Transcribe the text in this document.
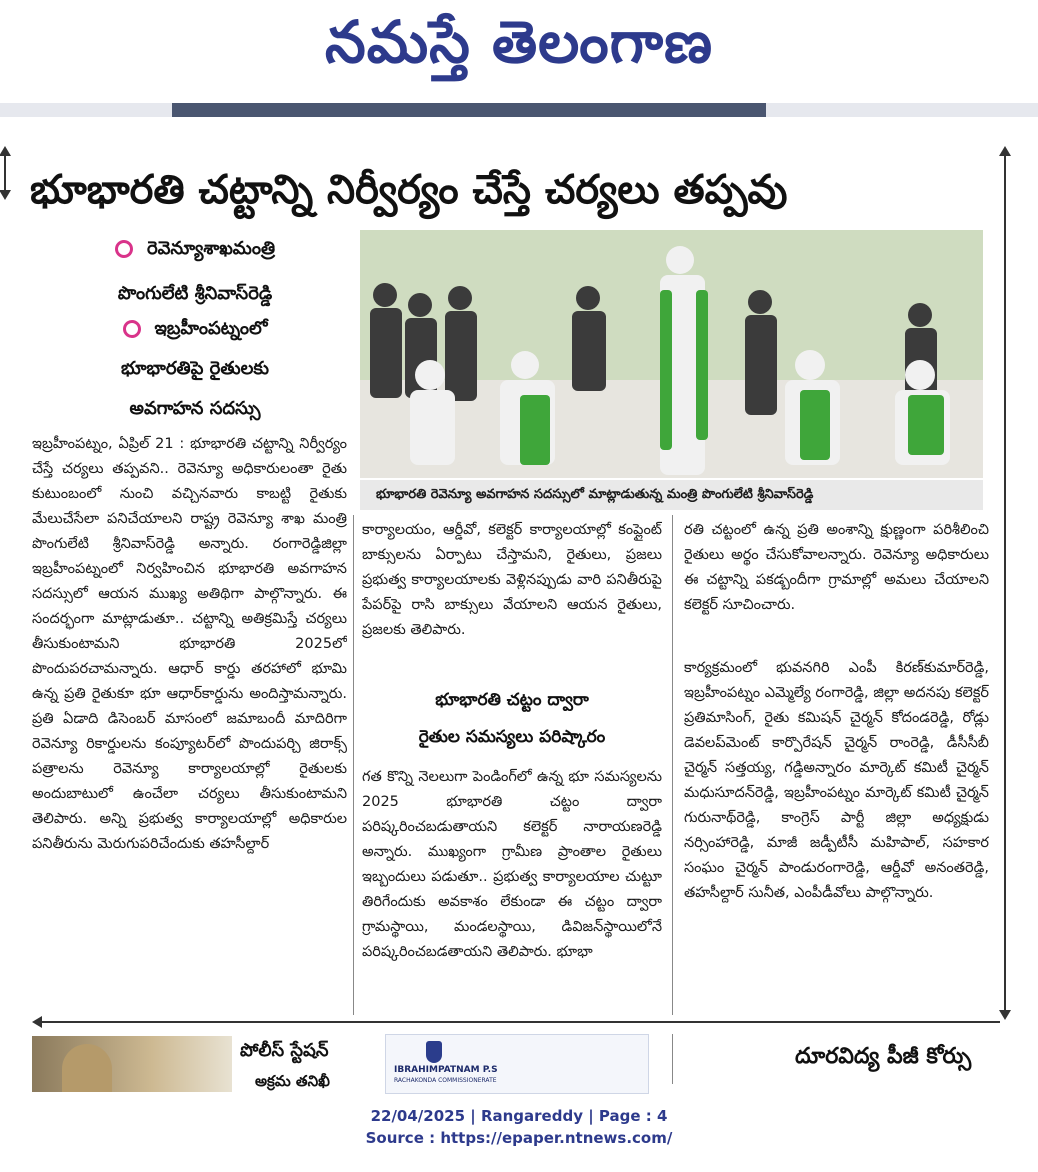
నమస్తే తెలంగాణ
భూభారతి చట్టాన్ని నిర్వీర్యం చేస్తే చర్యలు తప్పవు
రెవెన్యూశాఖమంత్రి
పొంగులేటి శ్రీనివాస్‌రెడ్డి
ఇబ్రహీంపట్నంలో
భూభారతిపై రైతులకు
అవగాహన సదస్సు
భూభారతి రెవెన్యూ అవగాహన సదస్సులో మాట్లాడుతున్న మంత్రి పొంగులేటి శ్రీనివాస్‌రెడ్డి

ఇబ్రహీంపట్నం, ఏప్రిల్ 21 : భూభారతి చట్టాన్ని నిర్వీర్యం చేస్తే చర్యలు తప్పవని.. రెవెన్యూ అధికారులంతా రైతు కుటుంబంలో నుంచి వచ్చినవారు కాబట్టి రైతుకు మేలుచేసేలా పనిచేయాలని రాష్ట్ర రెవెన్యూ శాఖ మంత్రి పొంగులేటి శ్రీనివాస్‌రెడ్డి అన్నారు. రంగారెడ్డిజిల్లా ఇబ్రహీంపట్నంలో నిర్వహించిన భూభారతి అవగాహన సదస్సులో ఆయన ముఖ్య అతిథిగా పాల్గొన్నారు. ఈ సందర్భంగా మాట్లాడుతూ.. చట్టాన్ని అతిక్రమిస్తే చర్యలు తీసుకుంటామని భూభారతి 2025లో పొందుపరచామన్నారు. ఆధార్ కార్డు తరహాలో భూమి ఉన్న ప్రతి రైతుకూ భూ ఆధార్‌కార్డును అందిస్తామన్నారు. ప్రతి ఏడాది డిసెంబర్ మాసంలో జమాబందీ మాదిరిగా రెవెన్యూ రికార్డులను కంప్యూటర్‌లో పొందుపర్చి జిరాక్స్ పత్రాలను రెవెన్యూ కార్యాలయాల్లో రైతులకు అందుబాటులో ఉంచేలా చర్యలు తీసుకుంటామని తెలిపారు. అన్ని ప్రభుత్వ కార్యాలయాల్లో అధికారుల పనితీరును మెరుగుపరిచేందుకు తహసీల్దార్

కార్యాలయం, ఆర్డీవో, కలెక్టర్ కార్యాలయాల్లో కంప్లైంట్ బాక్సులను ఏర్పాటు చేస్తామని, రైతులు, ప్రజలు ప్రభుత్వ కార్యాలయాలకు వెళ్లినప్పుడు వారి పనితీరుపై పేపర్‌పై రాసి బాక్సులు వేయాలని ఆయన రైతులు, ప్రజలకు తెలిపారు.

భూభారతి చట్టం ద్వారా
రైతుల సమస్యలు పరిష్కారం

గత కొన్ని నెలలుగా పెండింగ్‌లో ఉన్న భూ సమస్యలను 2025 భూభారతి చట్టం ద్వారా పరిష్కరించబడుతాయని కలెక్టర్ నారాయణరెడ్డి అన్నారు. ముఖ్యంగా గ్రామీణ ప్రాంతాల రైతులు ఇబ్బందులు పడుతూ.. ప్రభుత్వ కార్యాలయాల చుట్టూ తిరిగేందుకు అవకాశం లేకుండా ఈ చట్టం ద్వారా గ్రామస్థాయి, మండలస్థాయి, డివిజన్‌స్థాయిలోనే పరిష్కరించబడతాయని తెలిపారు. భూభా

రతి చట్టంలో ఉన్న ప్రతి అంశాన్ని క్షుణ్ణంగా పరిశీలించి రైతులు అర్థం చేసుకోవాలన్నారు. రెవెన్యూ అధికారులు ఈ చట్టాన్ని పకడ్బందీగా గ్రామాల్లో అమలు చేయాలని కలెక్టర్ సూచించారు.

కార్యక్రమంలో భువనగిరి ఎంపీ కిరణ్‌కుమార్‌రెడ్డి, ఇబ్రహీంపట్నం ఎమ్మెల్యే రంగారెడ్డి, జిల్లా అదనపు కలెక్టర్ ప్రతిమాసింగ్, రైతు కమిషన్ చైర్మన్ కోదండరెడ్డి, రోడ్లు డెవలప్‌మెంట్ కార్పొరేషన్ చైర్మన్ రాంరెడ్డి, డీసీసీబీ చైర్మన్ సత్తయ్య, గడ్డిఅన్నారం మార్కెట్ కమిటీ చైర్మన్ మధుసూదన్‌రెడ్డి, ఇబ్రహీంపట్నం మార్కెట్ కమిటీ చైర్మన్ గురునాథ్‌రెడ్డి, కాంగ్రెస్ పార్టీ జిల్లా అధ్యక్షుడు నర్సింహారెడ్డి, మాజీ జడ్పీటీసీ మహిపాల్, సహకార సంఘం చైర్మన్ పాండురంగారెడ్డి, ఆర్డీవో అనంతరెడ్డి, తహసీల్దార్ సునీత, ఎంపీడీవోలు పాల్గొన్నారు.

పోలీస్ స్టేషన్
అక్రమ తనిఖీ
IBRAHIMPATNAM P.S
RACHAKONDA COMMISSIONERATE
దూరవిద్య పీజీ కోర్సు
22/04/2025 | Rangareddy | Page : 4
Source : https://epaper.ntnews.com/
